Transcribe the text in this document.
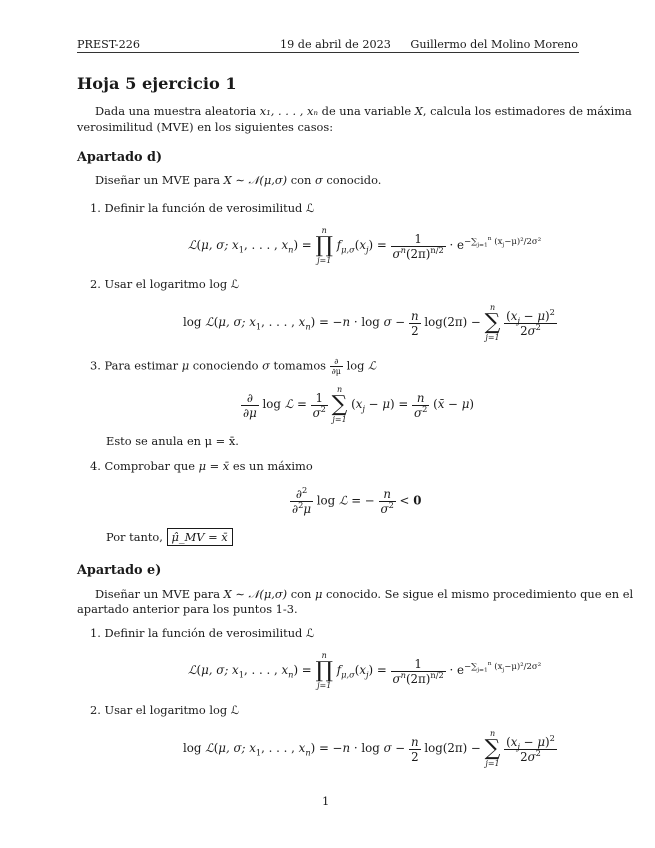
PREST-226	19 de abril de 2023 Guillermo del Molino Moreno
Hoja 5 ejercicio 1
Dada una muestra aleatoria x₁, . . . , xₙ de una variable X, calcula los estimadores de máxima
verosimilitud (MVE) en los siguientes casos:
Apartado d)
Diseñar un MVE para X ∼ 𝒩(μ,σ) con σ conocido.
1. Definir la función de verosimilitud ℒ
ℒ(μ, σ; $x_1$, . . . , $x_n$) =
n
∏
j=1
$f_{\mu,\sigma}(x_j) = \frac{1}{\sigma^n(2\pi)^{n/2}} \cdot e^{-\sum_{j=1}^n (x_j-\mu)^2/2\sigma^2}$
2. Usar el logaritmo log ℒ
log ℒ(μ, σ; $x_1$, . . . , $x_n) = -n \cdot \log \sigma - \frac{n}{2} \log(2\pi)$ −
n
∑
j=1
$\frac{(x_j - \mu)^2}{2\sigma^2}$
3. Para estimar μ conociendo σ tomamos $\frac{\partial}{\partial\mu}$ log ℒ
$\frac{\partial}{\partial\mu}$ log ℒ = $\frac{1}{\sigma^2}$

n
∑
j=1
$(x_j - \mu) = \frac{n}{\sigma^2}$ (x̄ − μ)
Esto se anula en μ = x̄.
4. Comprobar que μ = x̄ es un máximo
$\frac{\partial^2}{\partial^2\mu}$ log ℒ = − $\frac{n}{\sigma^2} < 0$
Por tanto, μ̂_MV = x̄
Apartado e)
Diseñar un MVE para X ∼ 𝒩(μ,σ) con μ conocido. Se sigue el mismo procedimiento que en el
apartado anterior para los puntos 1-3.
1. Definir la función de verosimilitud ℒ
ℒ(μ, σ; $x_1$, . . . , $x_n$) =
n
∏
j=1
$f_{\mu,\sigma}(x_j) = \frac{1}{\sigma^n(2\pi)^{n/2}} \cdot e^{-\sum_{j=1}^n (x_j-\mu)^2/2\sigma^2}$
2. Usar el logaritmo log ℒ
log ℒ(μ, σ; $x_1$, . . . , $x_n) = -n \cdot \log \sigma - \frac{n}{2} \log(2\pi)$ −
n
∑
j=1
$\frac{(x_j - \mu)^2}{2\sigma^2}$
1
